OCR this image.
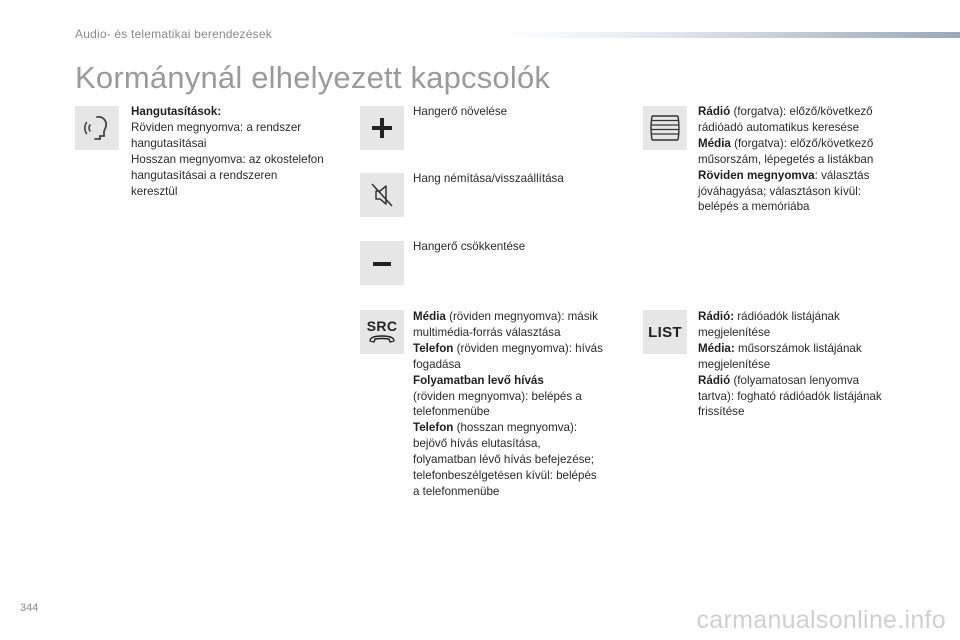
Audio- és telematikai berendezések
Kormánynál elhelyezett kapcsolók
Hangutasítások:
Röviden megnyomva: a rendszer
hangutasításai
Hosszan megnyomva: az okostelefon
hangutasításai a rendszeren
keresztül
Hangerő növelése
Hang némítása/visszaállítása
Hangerő csökkentése
SRC
Média (röviden megnyomva): másik
multimédia-forrás választása
Telefon (röviden megnyomva): hívás
fogadása
Folyamatban levő hívás
(röviden megnyomva): belépés a
telefonmenübe
Telefon (hosszan megnyomva):
bejövő hívás elutasítása,
folyamatban lévő hívás befejezése;
telefonbeszélgetésen kívül: belépés
a telefonmenübe
Rádió (forgatva): előző/következő
rádióadó automatikus keresése
Média (forgatva): előző/következő
műsorszám, lépegetés a listákban
Röviden megnyomva: választás
jóváhagyása; választáson kívül:
belépés a memóriába
LIST
Rádió: rádióadók listájának
megjelenítése
Média: műsorszámok listájának
megjelenítése
Rádió (folyamatosan lenyomva
tartva): fogható rádióadók listájának
frissítése
344	carmanualsonline.info
